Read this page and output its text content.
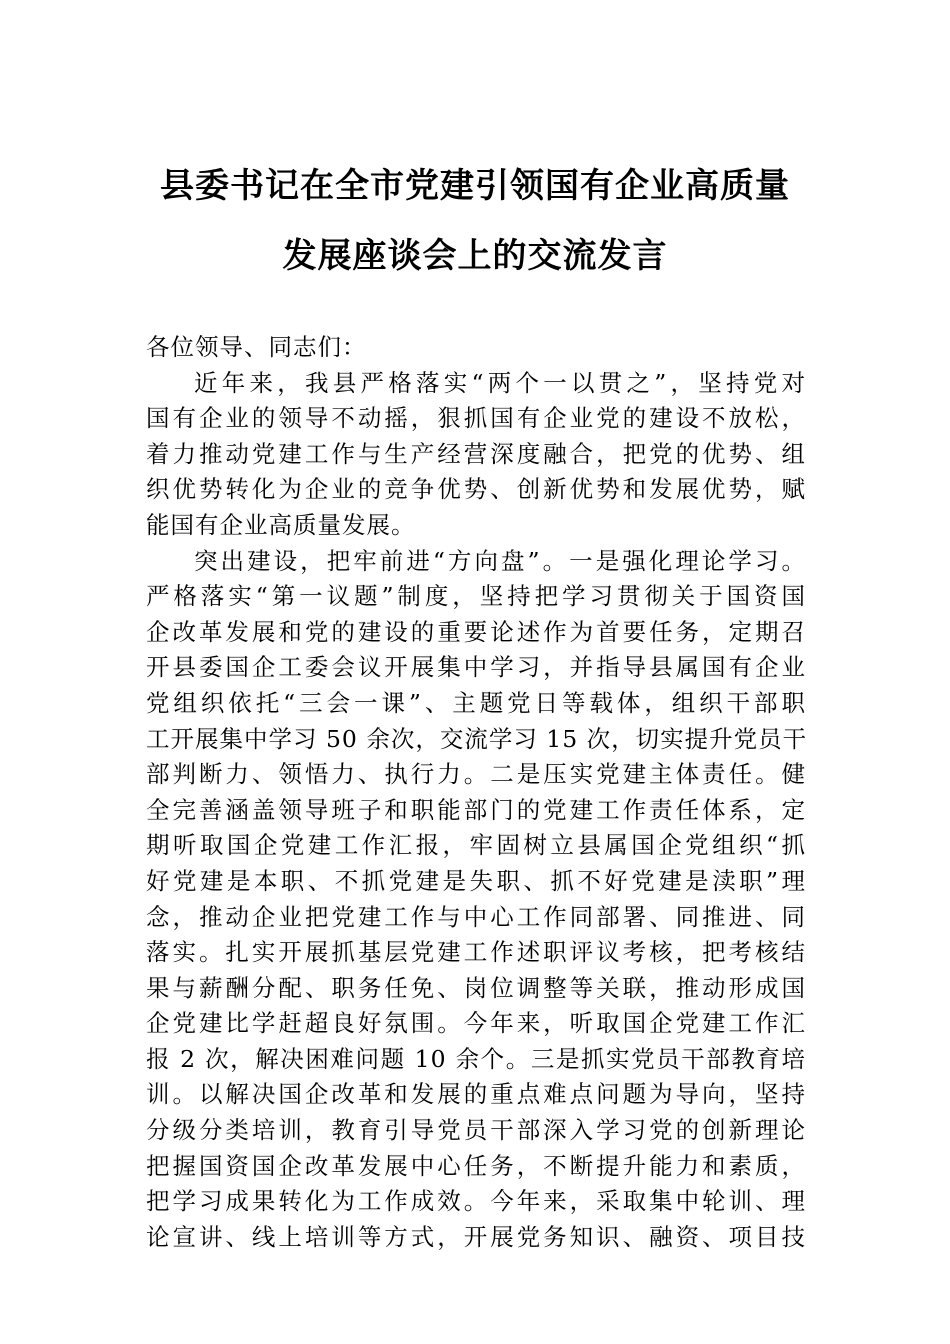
县委书记在全市党建引领国有企业高质量
发展座谈会上的交流发言
各位领导、同志们：
近年来，我县严格落实“两个一以贯之”，坚持党对
国有企业的领导不动摇，狠抓国有企业党的建设不放松，
着力推动党建工作与生产经营深度融合，把党的优势、组
织优势转化为企业的竞争优势、创新优势和发展优势，赋
能国有企业高质量发展。
突出建设，把牢前进“方向盘”。一是强化理论学习。
严格落实“第一议题”制度，坚持把学习贯彻关于国资国
企改革发展和党的建设的重要论述作为首要任务，定期召
开县委国企工委会议开展集中学习，并指导县属国有企业
党组织依托“三会一课”、主题党日等载体，组织干部职
工开展集中学习 50 余次，交流学习 15 次，切实提升党员干
部判断力、领悟力、执行力。二是压实党建主体责任。健
全完善涵盖领导班子和职能部门的党建工作责任体系，定
期听取国企党建工作汇报，牢固树立县属国企党组织“抓
好党建是本职、不抓党建是失职、抓不好党建是渎职”理
念，推动企业把党建工作与中心工作同部署、同推进、同
落实。扎实开展抓基层党建工作述职评议考核，把考核结
果与薪酬分配、职务任免、岗位调整等关联，推动形成国
企党建比学赶超良好氛围。今年来，听取国企党建工作汇
报 2 次，解决困难问题 10 余个。三是抓实党员干部教育培
训。以解决国企改革和发展的重点难点问题为导向，坚持
分级分类培训，教育引导党员干部深入学习党的创新理论
把握国资国企改革发展中心任务，不断提升能力和素质，
把学习成果转化为工作成效。今年来，采取集中轮训、理
论宣讲、线上培训等方式，开展党务知识、融资、项目技
